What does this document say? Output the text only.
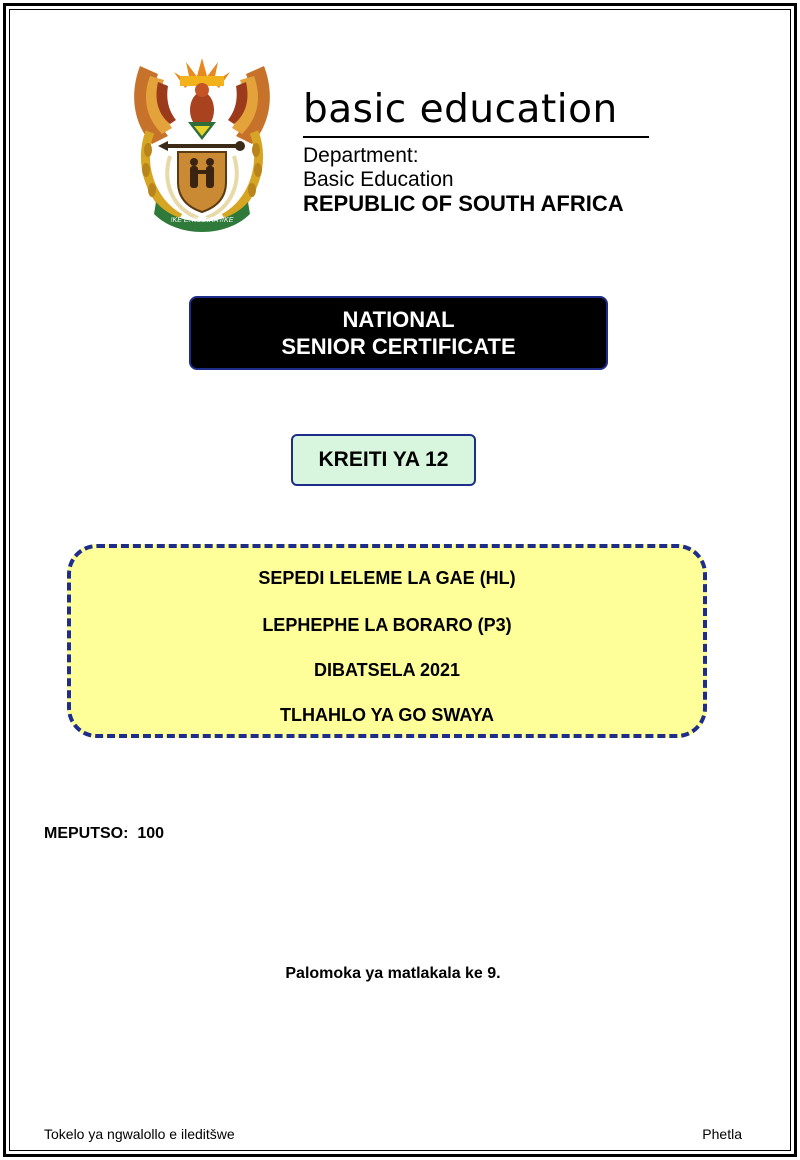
!KE E: /XARRA //KE
basic education
Department:
Basic Education
REPUBLIC OF SOUTH AFRICA
NATIONAL
SENIOR CERTIFICATE
KREITI YA 12
SEPEDI LELEME LA GAE (HL)
LEPHEPHE LA BORARO (P3)
DIBATSELA 2021
TLHAHLO YA GO SWAYA
MEPUTSO:  100
Palomoka ya matlakala ke 9.
Tokelo ya ngwalollo e ileditšwe	Phetla
